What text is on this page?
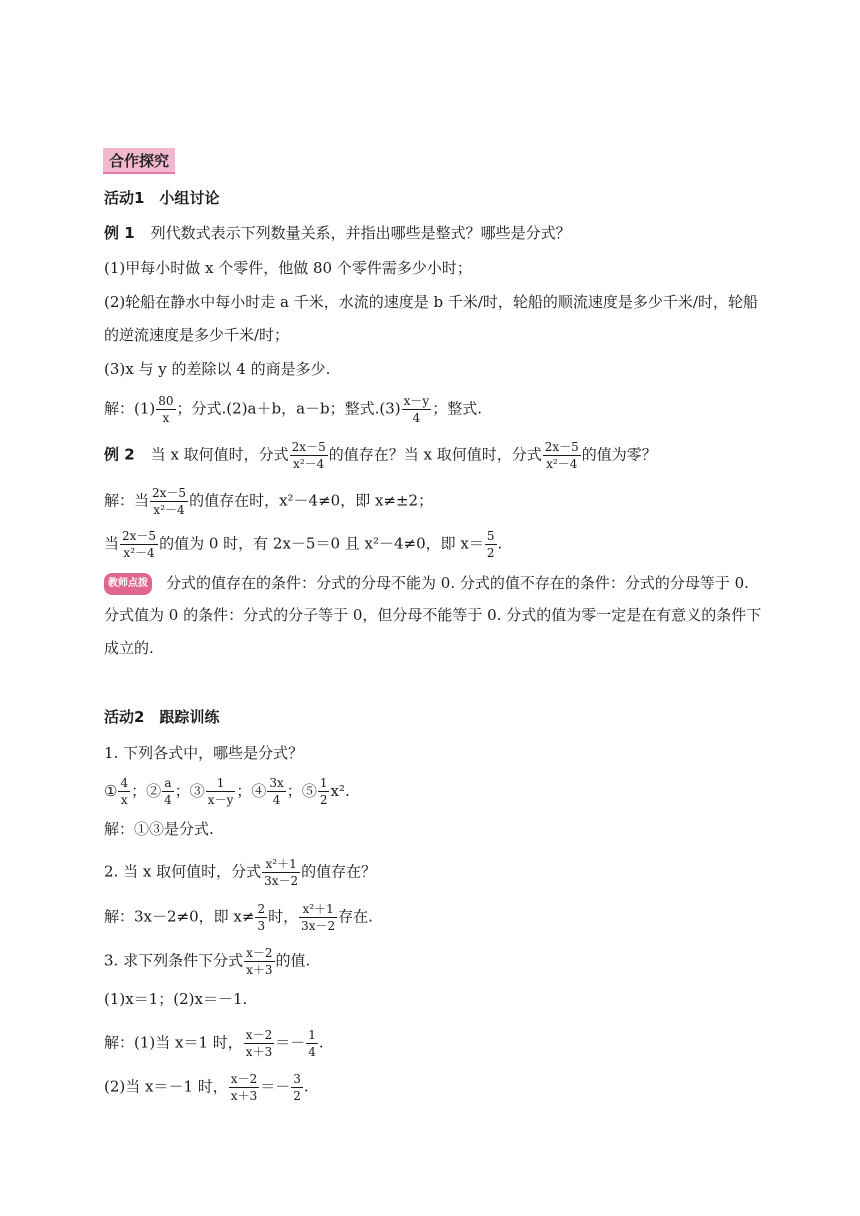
合作探究
活动1　小组讨论
例 1 列代数式表示下列数量关系，并指出哪些是整式？哪些是分式？
(1)甲每小时做 x 个零件，他做 80 个零件需多少小时；
(2)轮船在静水中每小时走 a 千米，水流的速度是 b 千米/时，轮船的顺流速度是多少千米/时，轮船
的逆流速度是多少千米/时；
(3)x 与 y 的差除以 4 的商是多少.
解：$(1) \frac{80}{x}$ ；分式.(2)a＋b，a－b；整式$.(3) \frac{x-y}{4}$ ；整式.
例 2 当 x 取何值时，分式 $\frac{2x-5}{\text{x²－4}}$ 的值存在？当 x 取何值时，分式 $\frac{2x-5}{\text{x²－4}}$ 的值为零？
解：当 $\frac{2x-5}{\text{x²－4}}$ 的值存在时，x²－4≠0，即 x≠±2；
当 $\frac{2x-5}{\text{x²－4}}$ 的值为 0 时，有 2x－5＝0 且 x²－4≠0，即 $x= \frac{5}{2}$ .
教师点拨 分式的值存在的条件：分式的分母不能为 0. 分式的值不存在的条件：分式的分母等于 0.
分式值为 0 的条件：分式的分子等于 0，但分母不能等于 0. 分式的值为零一定是在有意义的条件下
成立的.
活动2　跟踪训练
1. 下列各式中，哪些是分式？
① $\frac{4}{x}$ ；② $\frac{a}{4}$ ；③ $\frac{1}{x-y}$ ；④ $\frac{3x}{4}$ ；⑤ $\frac{1}{2} x^2$.
解：①③是分式.
2. 当 x 取何值时，分式 $\frac{\text{x²＋1}}{3x-2}$ 的值存在？
解：3x－2≠0，即 $x\ne \frac{2}{3}$ 时， $\frac{\text{x²＋1}}{3x-2}$ 存在.
3. 求下列条件下分式 $\frac{x-2}{x+3}$ 的值.
(1)x＝1；(2)x＝－1.
解：(1)当 x＝1 时， $\frac{x-2}{x+3} =- \frac{1}{4}$ .
(2)当 x＝－1 时， $\frac{x-2}{x+3} =- \frac{3}{2}$ .
